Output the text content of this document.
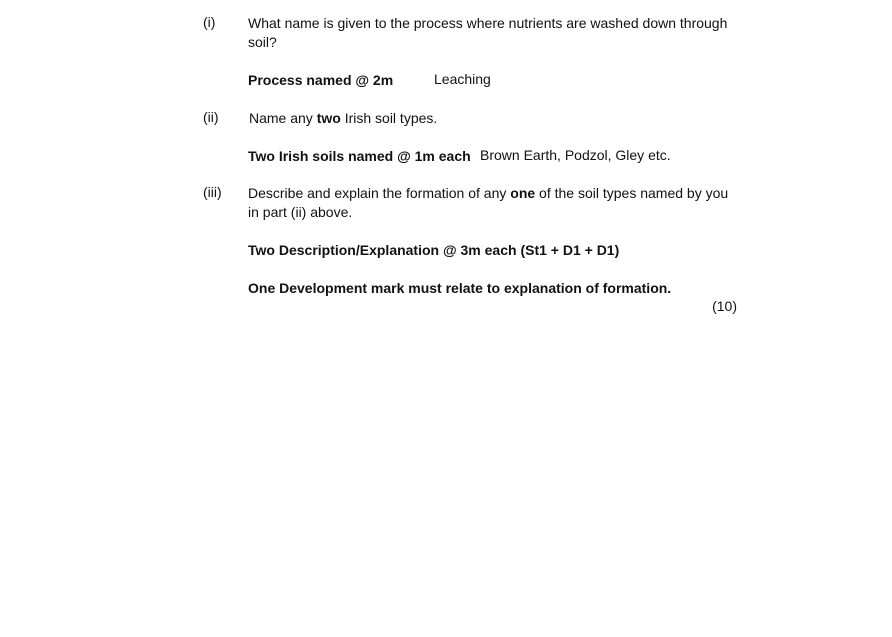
(i) What name is given to the process where nutrients are washed down through soil?
Process named @ 2m	Leaching
(ii) Name any two Irish soil types.
Two Irish soils named @ 1m each Brown Earth, Podzol, Gley etc.
(iii) Describe and explain the formation of any one of the soil types named by you in part (ii) above.
Two Description/Explanation @ 3m each (St1 + D1 + D1)
One Development mark must relate to explanation of formation.
(10)
